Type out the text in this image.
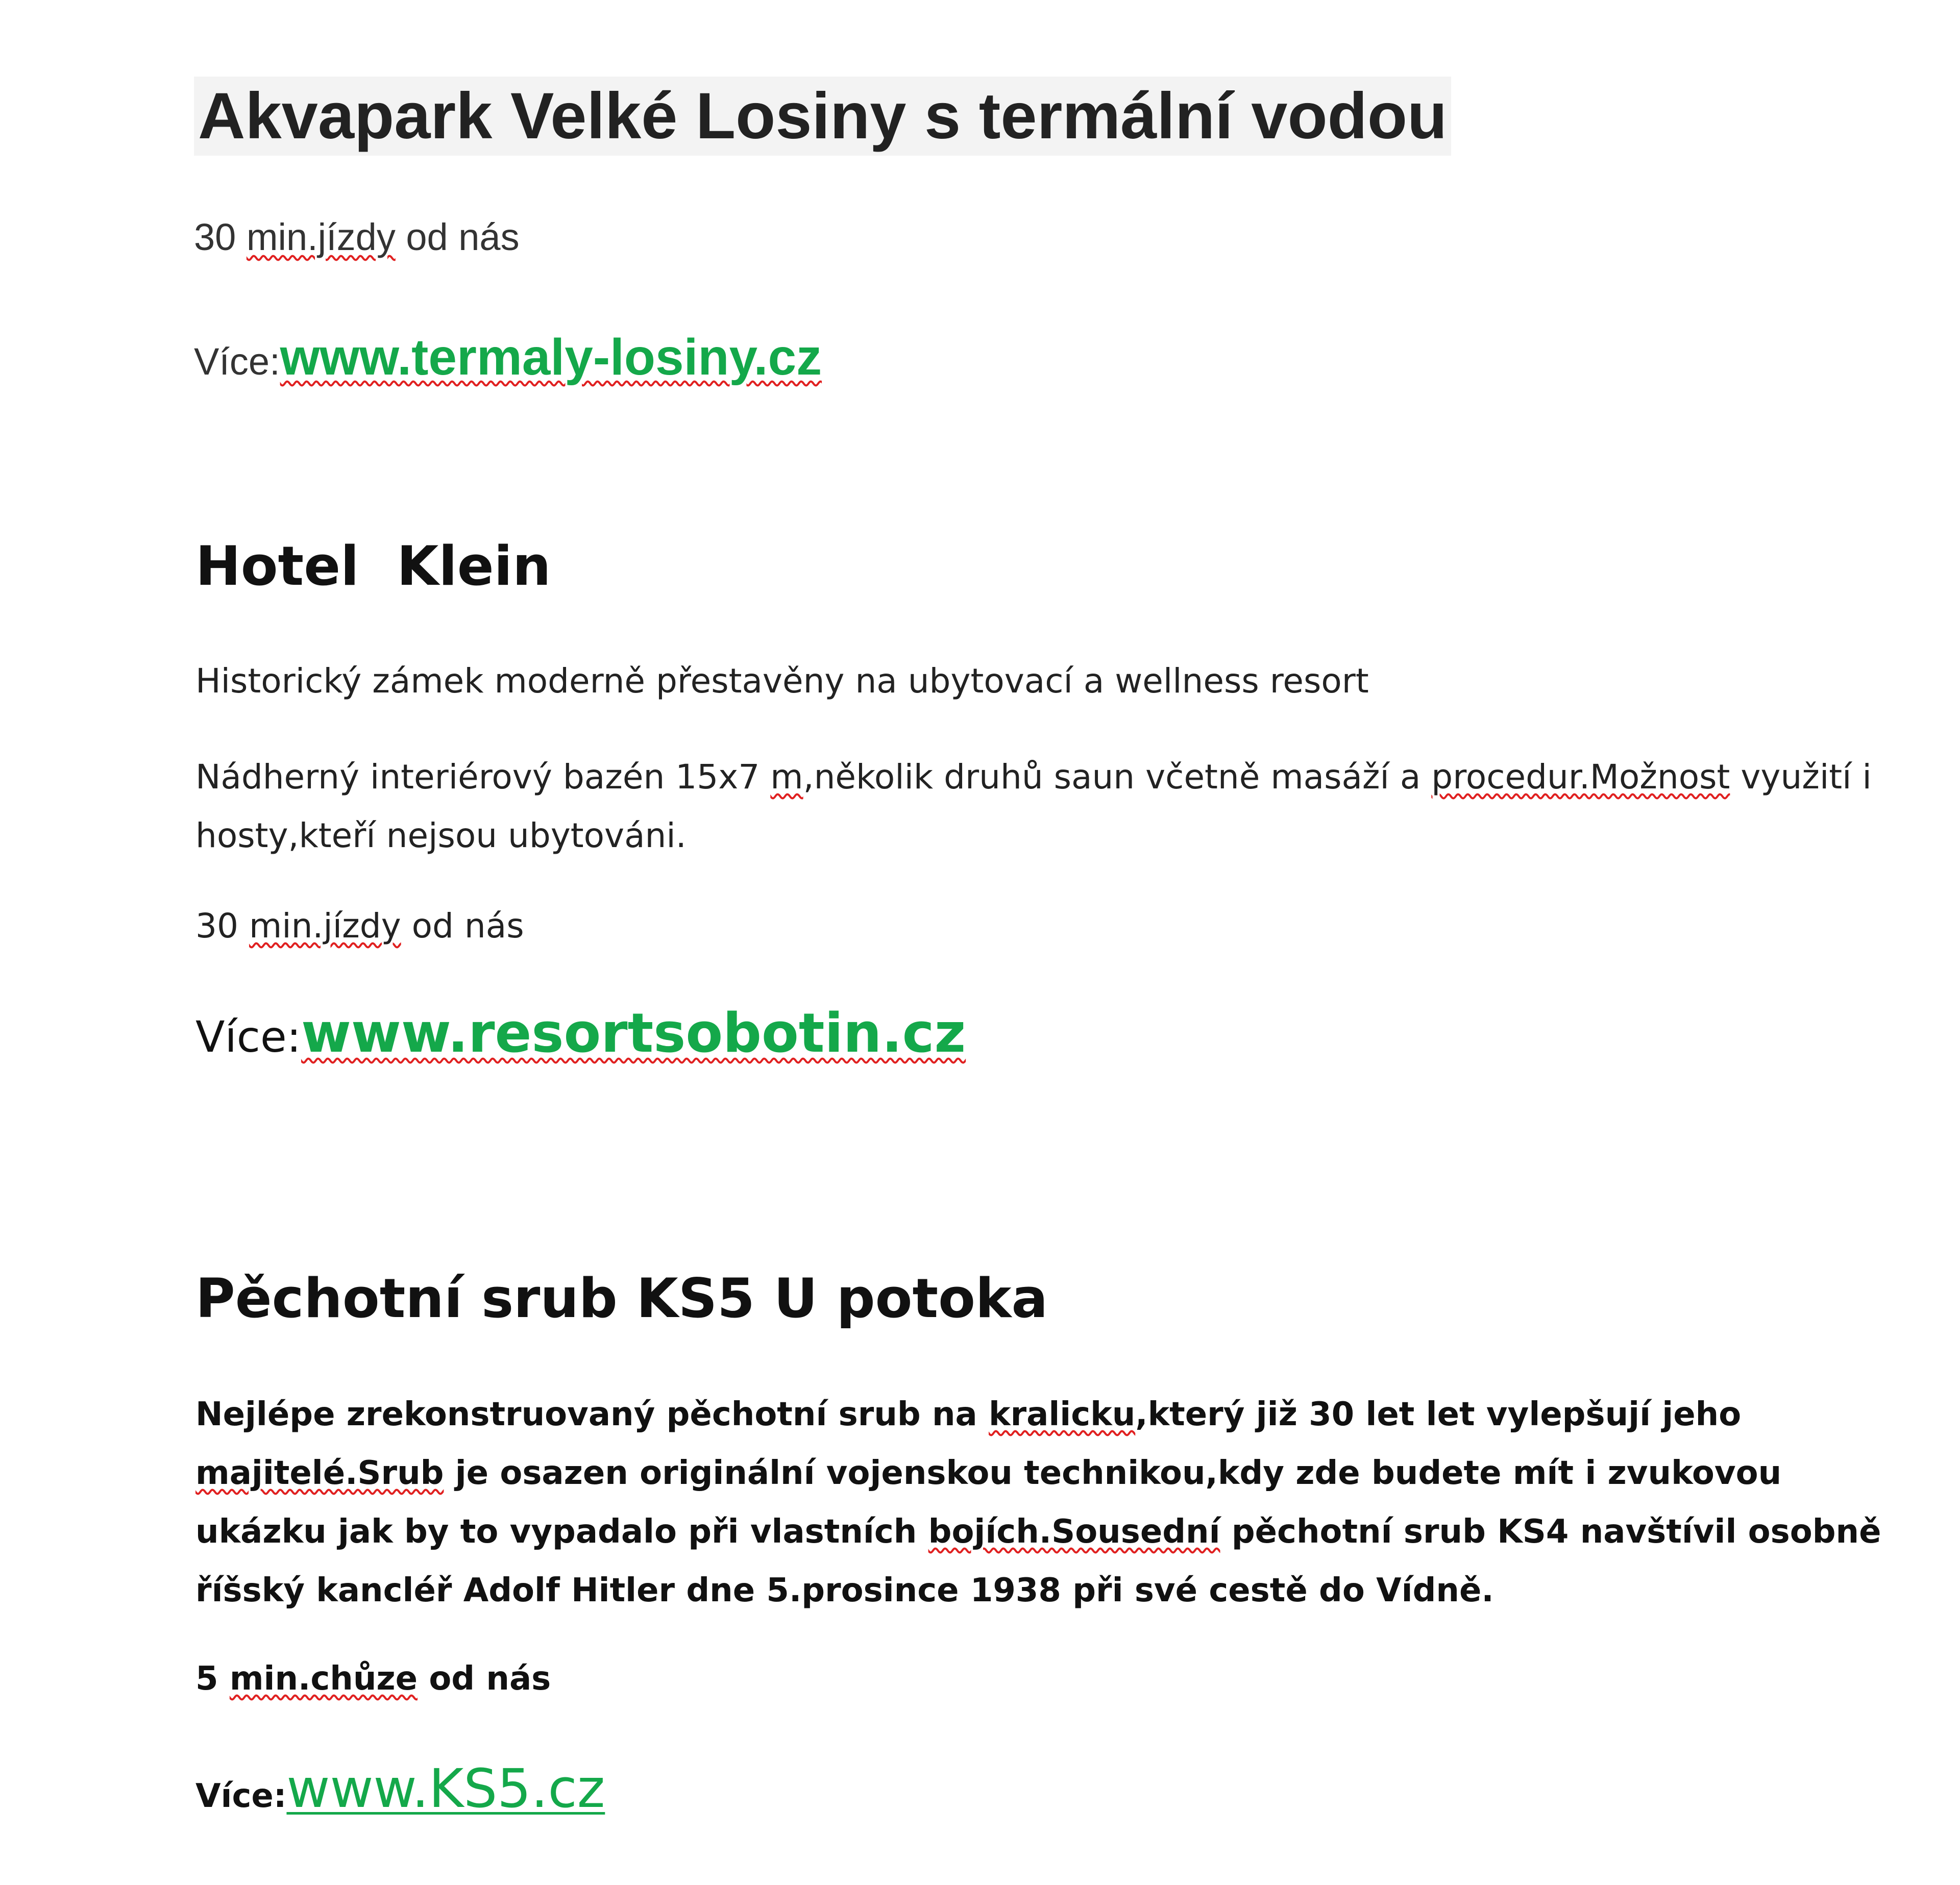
Akvapark Velké Losiny s termální vodou
30 min.jízdy od nás
Více:www.termaly-losiny.cz
Hotel  Klein
Historický zámek moderně přestavěny na ubytovací a wellness resort
Nádherný interiérový bazén 15x7 m,několik druhů saun včetně masáží a procedur.Možnost využití i hosty,kteří nejsou ubytováni.
30 min.jízdy od nás
Více:www.resortsobotin.cz
Pěchotní srub KS5 U potoka
Nejlépe zrekonstruovaný pěchotní srub na kralicku,který již 30 let let vylepšují jeho majitelé.Srub je osazen originální vojenskou technikou,kdy zde budete mít i zvukovou ukázku jak by to vypadalo při vlastních bojích.Sousední pěchotní srub KS4 navštívil osobně říšský kancléř Adolf Hitler dne 5.prosince 1938 při své cestě do Vídně.
5 min.chůze od nás
Více:www.KS5.cz
